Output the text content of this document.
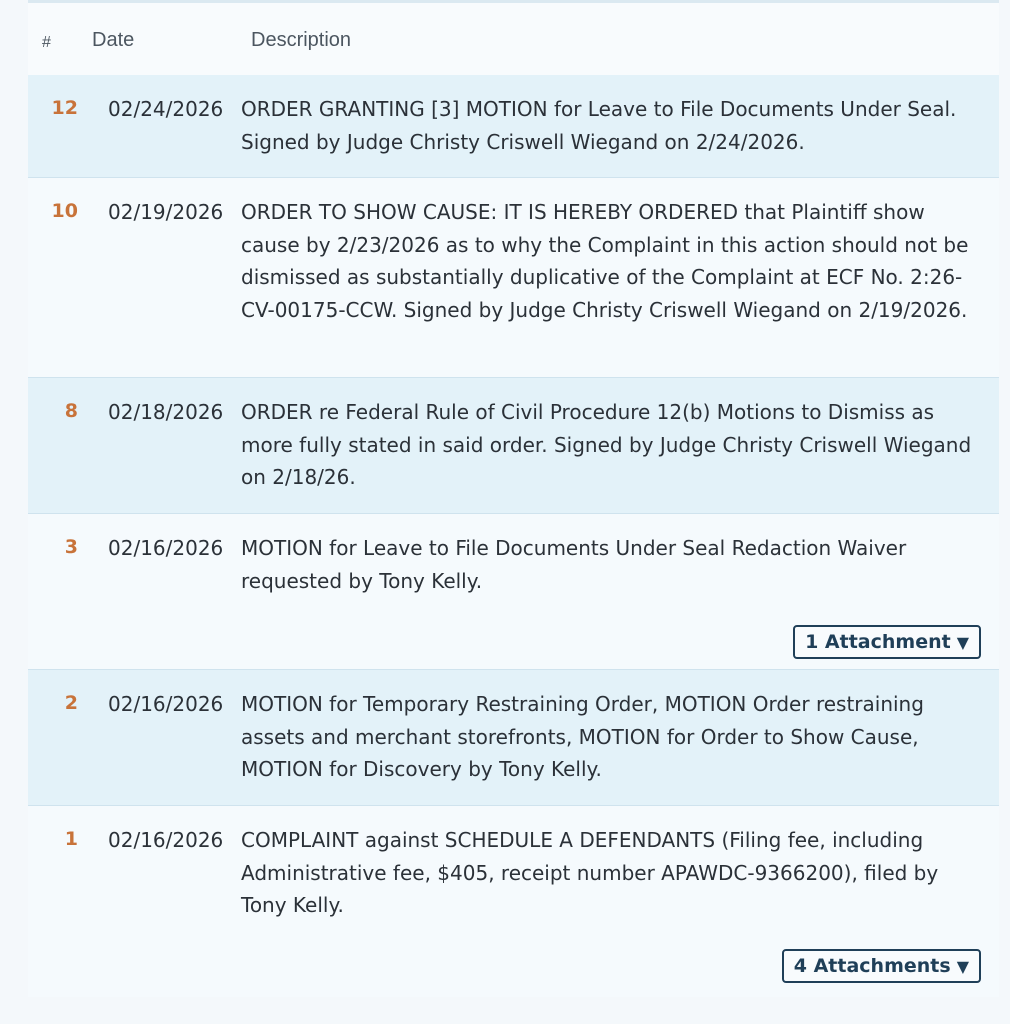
# Date	Description
12 02/24/2026 ORDER GRANTING [3] MOTION for Leave to File Documents Under Seal. Signed by Judge Christy Criswell Wiegand on 2/24/2026.
10 02/19/2026 ORDER TO SHOW CAUSE: IT IS HEREBY ORDERED that Plaintiff show cause by 2/23/2026 as to why the Complaint in this action should not be dismissed as substantially duplicative of the Complaint at ECF No. 2:26-CV-00175-CCW. Signed by Judge Christy Criswell Wiegand on 2/19/2026.
8 02/18/2026 ORDER re Federal Rule of Civil Procedure 12(b) Motions to Dismiss as more fully stated in said order. Signed by Judge Christy Criswell Wiegand on 2/18/26.
3 02/16/2026 MOTION for Leave to File Documents Under Seal Redaction Waiver requested by Tony Kelly.
1 Attachment ▼
2 02/16/2026 MOTION for Temporary Restraining Order, MOTION Order restraining assets and merchant storefronts, MOTION for Order to Show Cause, MOTION for Discovery by Tony Kelly.
1 02/16/2026 COMPLAINT against SCHEDULE A DEFENDANTS (Filing fee, including Administrative fee, $405, receipt number APAWDC-9366200), filed by Tony Kelly.
4 Attachments ▼
